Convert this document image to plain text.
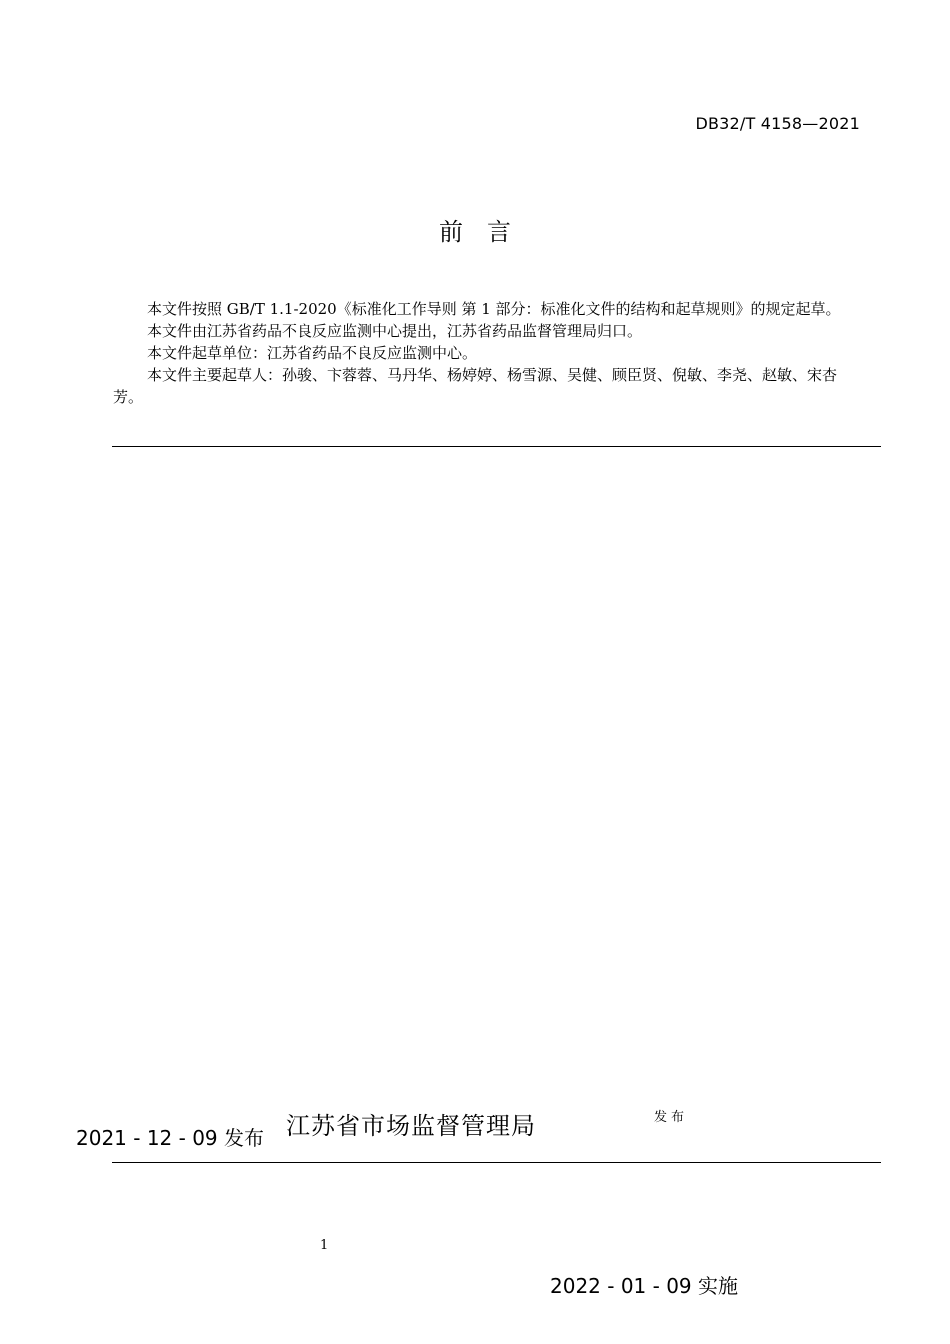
DB32/T 4158—2021
前　言

本文件按照 GB/T 1.1-2020《标准化工作导则 第 1 部分：标准化文件的结构和起草规则》的规定起草。

本文件由江苏省药品不良反应监测中心提出，江苏省药品监督管理局归口。

本文件起草单位：江苏省药品不良反应监测中心。

本文件主要起草人：孙骏、卞蓉蓉、马丹华、杨婷婷、杨雪源、吴健、顾臣贤、倪敏、李尧、赵敏、宋杏芳。

2021 - 12 - 09 发布 江苏省市场监督管理局	发布
1
2022 - 01 - 09 实施
